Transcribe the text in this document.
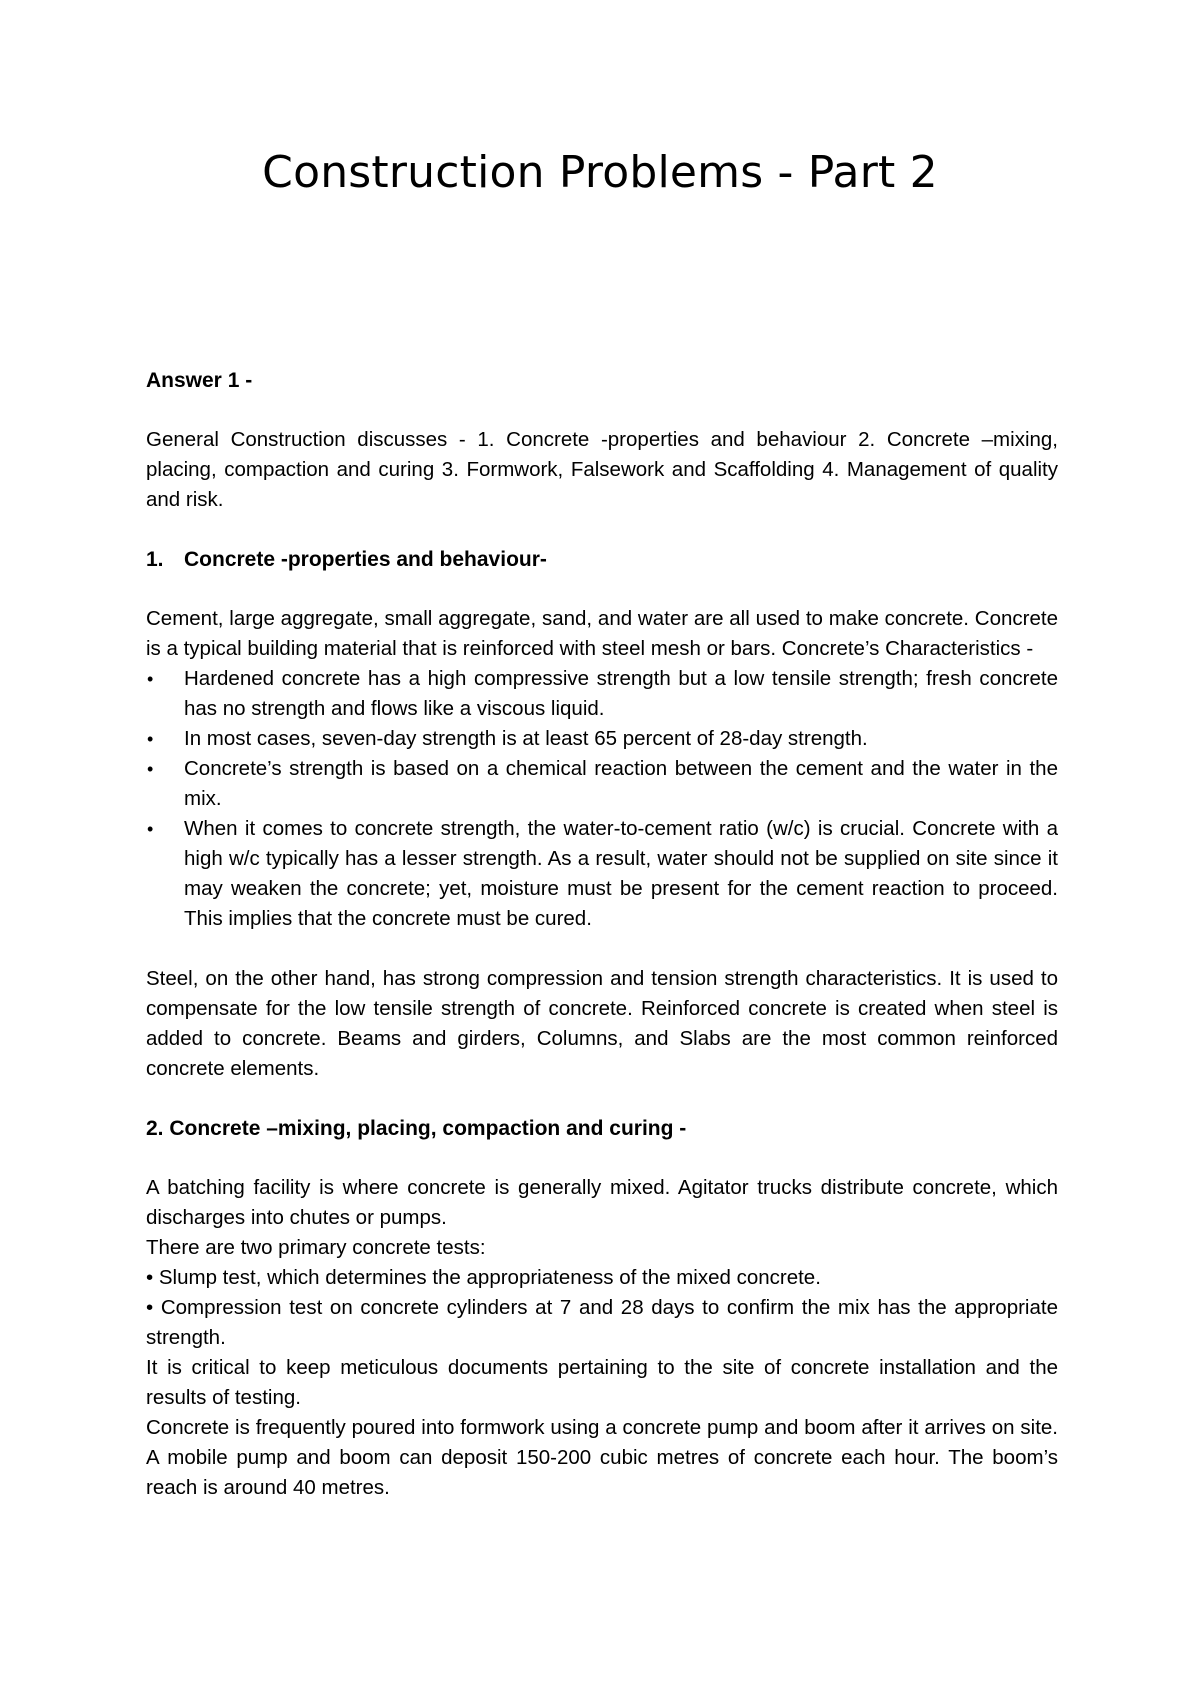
Construction Problems - Part 2

Answer 1 -

General Construction discusses - 1. Concrete -properties and behaviour 2. Concrete –mixing, placing, compaction and curing 3. Formwork, Falsework and Scaffolding 4. Management of quality and risk.

1. Concrete -properties and behaviour-

Cement, large aggregate, small aggregate, sand, and water are all used to make concrete. Concrete is a typical building material that is reinforced with steel mesh or bars. Concrete’s Characteristics -

• Hardened concrete has a high compressive strength but a low tensile strength; fresh concrete has no strength and flows like a viscous liquid.
• In most cases, seven-day strength is at least 65 percent of 28-day strength.
• Concrete’s strength is based on a chemical reaction between the cement and the water in the mix.
• When it comes to concrete strength, the water-to-cement ratio (w/c) is crucial. Concrete with a high w/c typically has a lesser strength. As a result, water should not be supplied on site since it may weaken the concrete; yet, moisture must be present for the cement reaction to proceed. This implies that the concrete must be cured.

Steel, on the other hand, has strong compression and tension strength characteristics. It is used to compensate for the low tensile strength of concrete. Reinforced concrete is created when steel is added to concrete. Beams and girders, Columns, and Slabs are the most common reinforced concrete elements.

2. Concrete –mixing, placing, compaction and curing -

A batching facility is where concrete is generally mixed. Agitator trucks distribute concrete, which discharges into chutes or pumps.

There are two primary concrete tests:

• Slump test, which determines the appropriateness of the mixed concrete.

• Compression test on concrete cylinders at 7 and 28 days to confirm the mix has the appropriate strength.

It is critical to keep meticulous documents pertaining to the site of concrete installation and the results of testing.

Concrete is frequently poured into formwork using a concrete pump and boom after it arrives on site. A mobile pump and boom can deposit 150-200 cubic metres of concrete each hour. The boom’s reach is around 40 metres.
